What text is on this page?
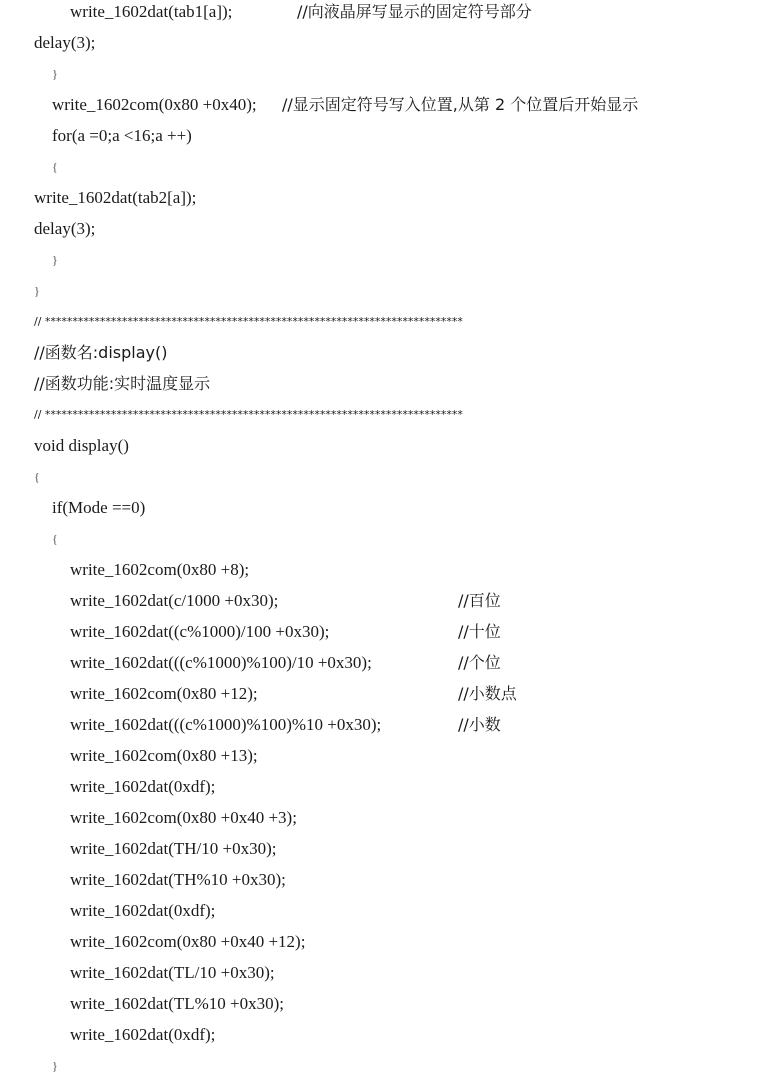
write_1602dat(tab1[a]);	//向液晶屏写显示的固定符号部分
delay(3);
}
write_1602com(0x80 +0x40); //显示固定符号写入位置,从第 2 个位置后开始显示
for(a =0;a <16;a ++)
{
write_1602dat(tab2[a]);
delay(3);
}
}
// ****************************************************************************
//函数名:display()
//函数功能:实时温度显示
// ****************************************************************************
void display()
{
if(Mode ==0)
{
write_1602com(0x80 +8);
write_1602dat(c/1000 +0x30);	//百位
write_1602dat((c%1000)/100 +0x30);	//十位
write_1602dat(((c%1000)%100)/10 +0x30);	//个位
write_1602com(0x80 +12);	//小数点
write_1602dat(((c%1000)%100)%10 +0x30);	//小数
write_1602com(0x80 +13);
write_1602dat(0xdf);
write_1602com(0x80 +0x40 +3);
write_1602dat(TH/10 +0x30);
write_1602dat(TH%10 +0x30);
write_1602dat(0xdf);
write_1602com(0x80 +0x40 +12);
write_1602dat(TL/10 +0x30);
write_1602dat(TL%10 +0x30);
write_1602dat(0xdf);
}
